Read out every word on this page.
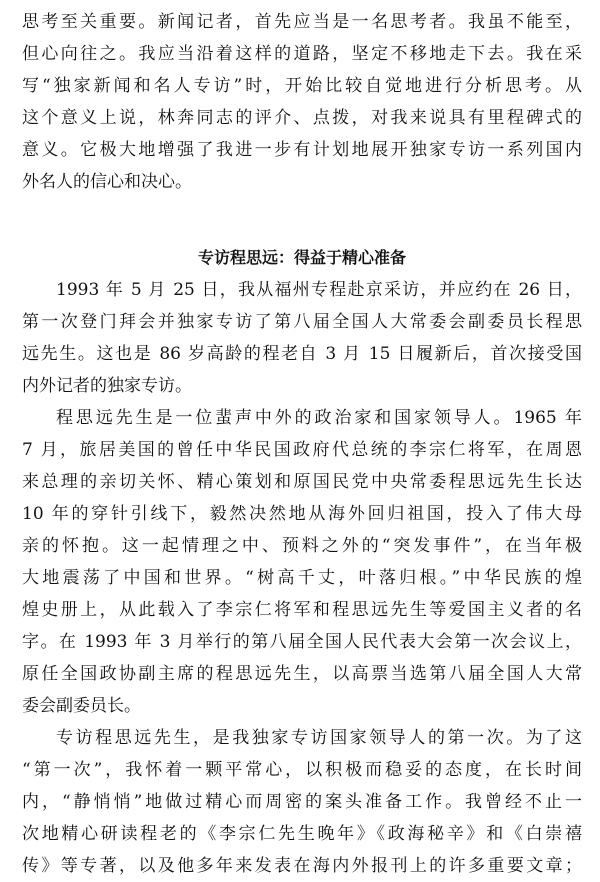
思考至关重要。新闻记者，首先应当是一名思考者。我虽不能至，
但心向往之。我应当沿着这样的道路，坚定不移地走下去。我在采
写“独家新闻和名人专访”时，开始比较自觉地进行分析思考。从
这个意义上说，林奔同志的评介、点拨，对我来说具有里程碑式的
意义。它极大地增强了我进一步有计划地展开独家专访一系列国内
外名人的信心和决心。
专访程思远：得益于精心准备
1993 年 5 月 25 日，我从福州专程赴京采访，并应约在 26 日，
第一次登门拜会并独家专访了第八届全国人大常委会副委员长程思
远先生。这也是 86 岁高龄的程老自 3 月 15 日履新后，首次接受国
内外记者的独家专访。
程思远先生是一位蜚声中外的政治家和国家领导人。1965 年
7 月，旅居美国的曾任中华民国政府代总统的李宗仁将军，在周恩
来总理的亲切关怀、精心策划和原国民党中央常委程思远先生长达
10 年的穿针引线下，毅然决然地从海外回归祖国，投入了伟大母
亲的怀抱。这一起情理之中、预料之外的“突发事件”，在当年极
大地震荡了中国和世界。“树高千丈，叶落归根。”中华民族的煌
煌史册上，从此载入了李宗仁将军和程思远先生等爱国主义者的名
字。在 1993 年 3 月举行的第八届全国人民代表大会第一次会议上，
原任全国政协副主席的程思远先生，以高票当选第八届全国人大常
委会副委员长。
专访程思远先生，是我独家专访国家领导人的第一次。为了这
“第一次”，我怀着一颗平常心，以积极而稳妥的态度，在长时间
内，“静悄悄”地做过精心而周密的案头准备工作。我曾经不止一
次地精心研读程老的《李宗仁先生晚年》《政海秘辛》和《白崇禧
传》等专著，以及他多年来发表在海内外报刊上的许多重要文章；
